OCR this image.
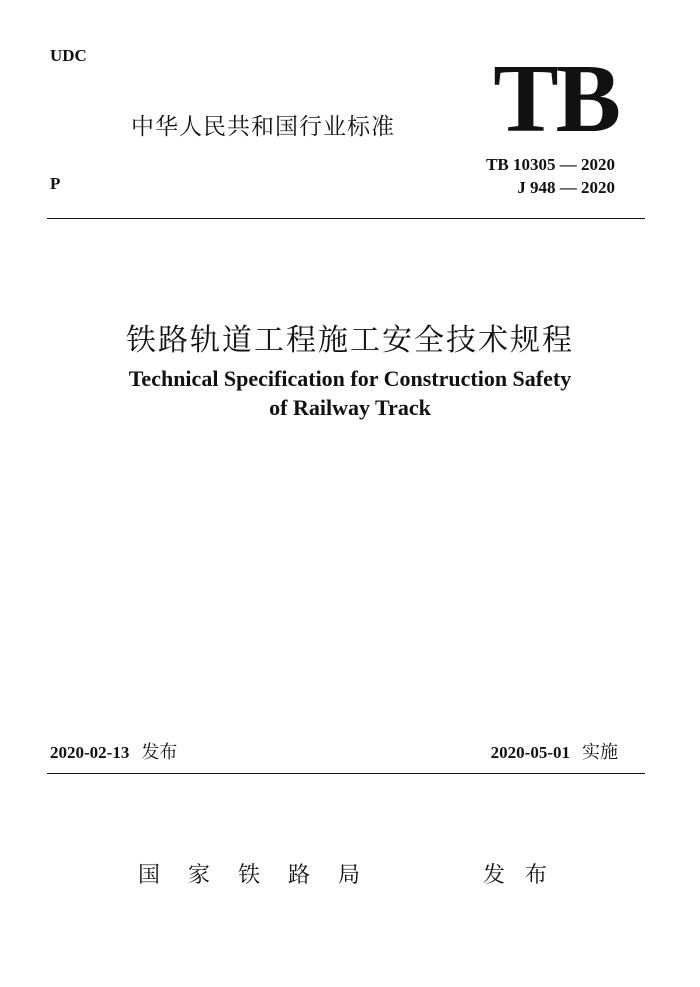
UDC
中华人民共和国行业标准 TB
P
TB 10305 — 2020
J 948 — 2020
铁路轨道工程施工安全技术规程
Technical Specification for Construction Safety
of Railway Track
2020-02-13 发布	2020-05-01 实施
国家铁路局	发布
